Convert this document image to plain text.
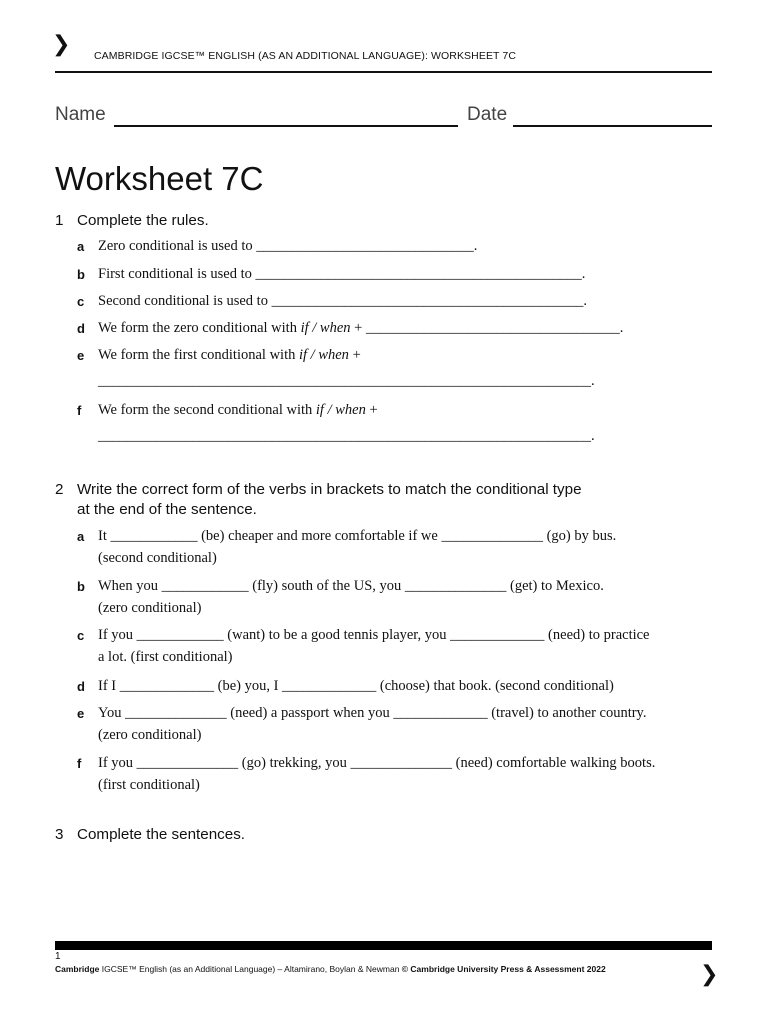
❯ CAMBRIDGE IGCSE™ ENGLISH (AS AN ADDITIONAL LANGUAGE): WORKSHEET 7C
Name	Date
Worksheet 7C
1 Complete the rules.
a Zero conditional is used to ______________________________.
b First conditional is used to _____________________________________________.
c Second conditional is used to ___________________________________________.
d We form the zero conditional with if / when + ___________________________________.
e We form the first conditional with if / when +
____________________________________________________________________.
f We form the second conditional with if / when +
____________________________________________________________________.
2 Write the correct form of the verbs in brackets to match the conditional type
at the end of the sentence.
a It ____________ (be) cheaper and more comfortable if we ______________ (go) by bus.
(second conditional)
b When you ____________ (fly) south of the US, you ______________ (get) to Mexico.
(zero conditional)
c If you ____________ (want) to be a good tennis player, you _____________ (need) to practice
a lot. (first conditional)
d If I _____________ (be) you, I _____________ (choose) that book. (second conditional)
e You ______________ (need) a passport when you _____________ (travel) to another country.
(zero conditional)
f If you ______________ (go) trekking, you ______________ (need) comfortable walking boots.
(first conditional)
3 Complete the sentences.
1
Cambridge IGCSE™ English (as an Additional Language) – Altamirano, Boylan & Newman © Cambridge University Press & Assessment 2022	❯
